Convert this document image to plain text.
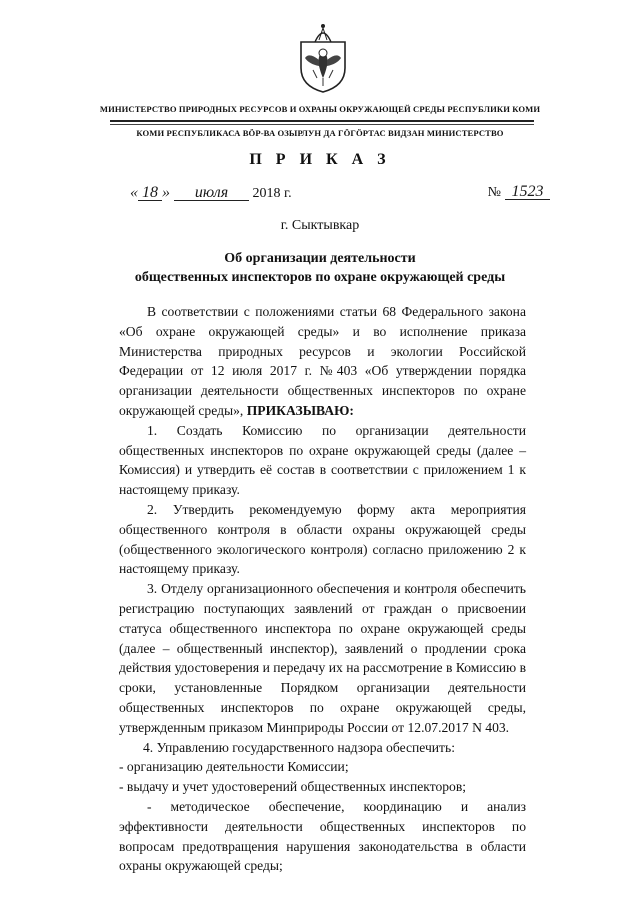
МИНИСТЕРСТВО ПРИРОДНЫХ РЕСУРСОВ И ОХРАНЫ ОКРУЖАЮЩЕЙ СРЕДЫ РЕСПУБЛИКИ КОМИ
КОМИ РЕСПУБЛИКАСА ВӦР-ВА ОЗЫРЛУН ДА ГӦГӦРТАС ВИДЗАН МИНИСТЕРСТВО
П Р И К А З
« 18 » июля 2018 г.	№ 1523
г. Сыктывкар
Об организации деятельности
общественных инспекторов по охране окружающей среды

В соответствии с положениями статьи 68 Федерального закона «Об охране окружающей среды» и во исполнение приказа Министерства природных ресурсов и экологии Российской Федерации от 12 июля 2017 г. №403 «Об утверждении порядка организации деятельности общественных инспекторов по охране окружающей среды», ПРИКАЗЫВАЮ:

1. Создать Комиссию по организации деятельности общественных инспекторов по охране окружающей среды (далее – Комиссия) и утвердить её состав в соответствии с приложением 1 к настоящему приказу.

2. Утвердить рекомендуемую форму акта мероприятия общественного контроля в области охраны окружающей среды (общественного экологического контроля) согласно приложению 2 к настоящему приказу.

3. Отделу организационного обеспечения и контроля обеспечить регистрацию поступающих заявлений от граждан о присвоении статуса общественного инспектора по охране окружающей среды (далее – общественный инспектор), заявлений о продлении срока действия удостоверения и передачу их на рассмотрение в Комиссию в сроки, установленные Порядком организации деятельности общественных инспекторов по охране окружающей среды, утвержденным приказом Минприроды России от 12.07.2017 N 403.

4. Управлению государственного надзора обеспечить:

- организацию деятельности Комиссии;

- выдачу и учет удостоверений общественных инспекторов;

- методическое обеспечение, координацию и анализ эффективности деятельности общественных инспекторов по вопросам предотвращения нарушения законодательства в области охраны окружающей среды;
